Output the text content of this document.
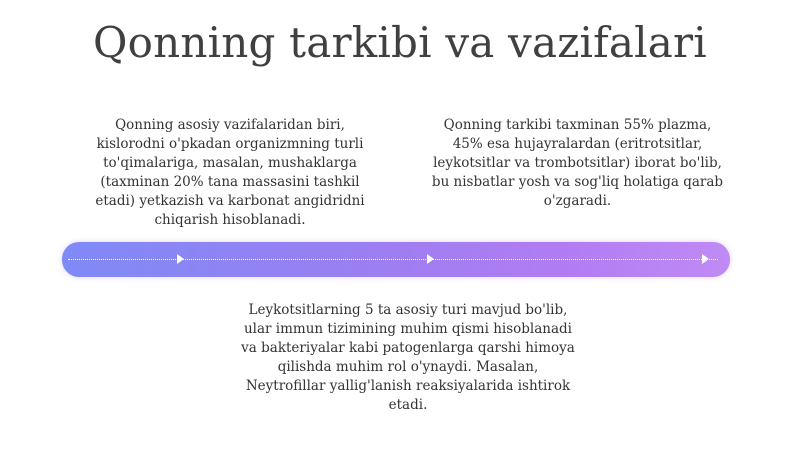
Qonning tarkibi va vazifalari

Qonning asosiy vazifalaridan biri,
kislorodni o'pkadan organizmning turli
to'qimalariga, masalan, mushaklarga
(taxminan 20% tana massasini tashkil
etadi) yetkazish va karbonat angidridni
chiqarish hisoblanadi.

Qonning tarkibi taxminan 55% plazma,
45% esa hujayralardan (eritrotsitlar,
leykotsitlar va trombotsitlar) iborat bo'lib,
bu nisbatlar yosh va sog'liq holatiga qarab
o'zgaradi.

Leykotsitlarning 5 ta asosiy turi mavjud bo'lib,
ular immun tizimining muhim qismi hisoblanadi
va bakteriyalar kabi patogenlarga qarshi himoya
qilishda muhim rol o'ynaydi. Masalan,
Neytrofillar yallig'lanish reaksiyalarida ishtirok
etadi.
